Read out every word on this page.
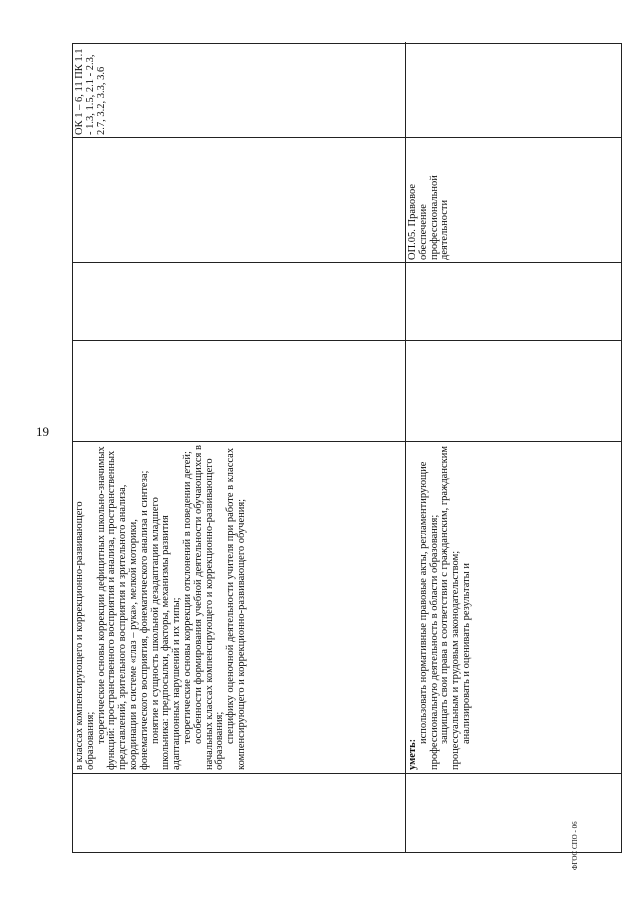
19
ФГОС СПО - 06

в классах компенсирующего и коррекционно-развивающего образования; теоретические основы коррекции дефицитных школьно-значимых функций: пространственного восприятия и анализа, пространственных представлений, зрительного восприятия и зрительного анализа, координации в системе «глаз – рука», мелкой моторики, фонематического восприятия, фонематического анализа и синтеза; понятие и сущность школьной дезадаптации младшего школьника: предпосылки, факторы, механизмы развития адаптационных нарушений и их типы; теоретические основы коррекции отклонений в поведении детей; особенности формирования учебной деятельности обучающихся в начальных классах компенсирующего и коррекционно-развивающего образования; специфику оценочной деятельности учителя при работе в классах компенсирующего и коррекционно-развивающего обучения;

ОК 1 – 6, 11 ПК 1.1 - 1.3, 1.5, 2.1 - 2.3, 2.7, 3.2, 3.3, 3.6

уметь:

использовать нормативные правовые акты, регламентирующие профессиональную деятельность в области образования; защищать свои права в соответствии с гражданским, гражданским процессуальным и трудовым законодательством; анализировать и оценивать результаты и

ОП.05. Правовое обеспечение профессиональной деятельности
